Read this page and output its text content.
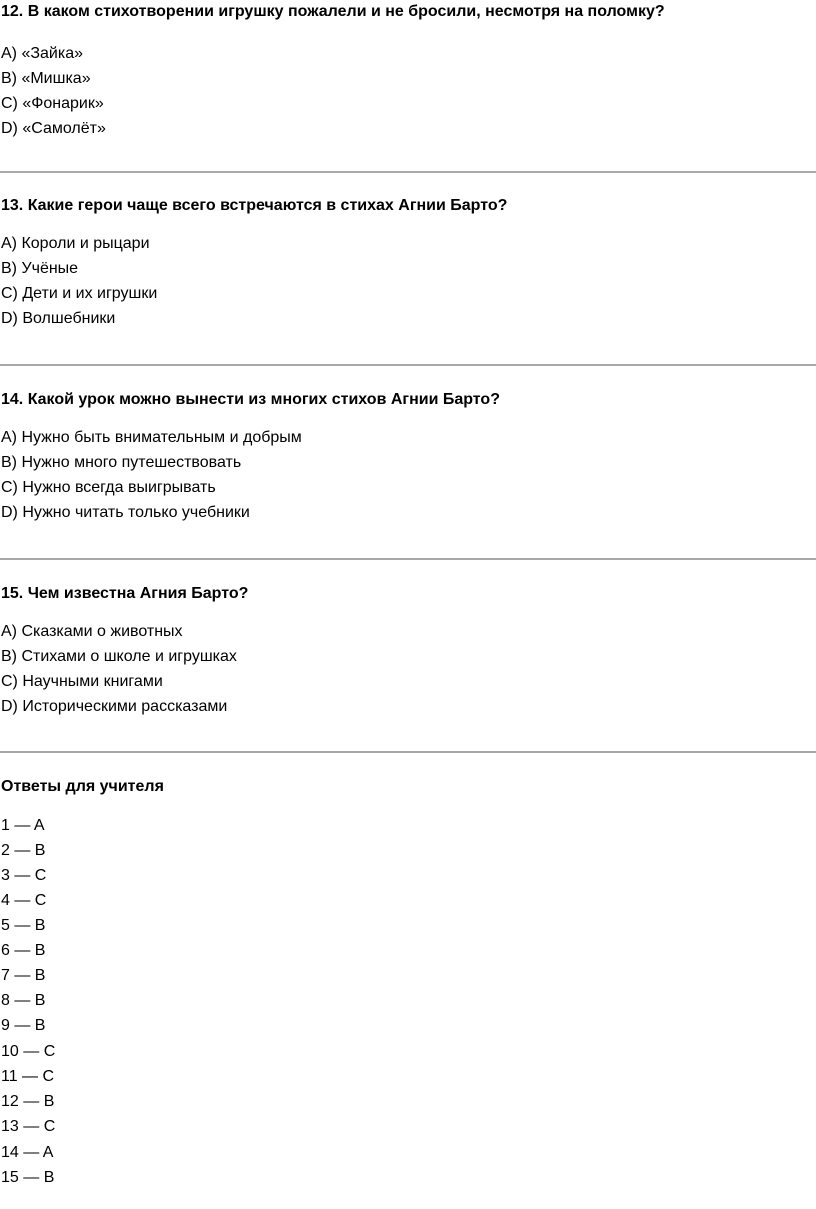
12. В каком стихотворении игрушку пожалели и не бросили, несмотря на поломку?
A) «Зайка»
B) «Мишка»
C) «Фонарик»
D) «Самолёт»
13. Какие герои чаще всего встречаются в стихах Агнии Барто?
A) Короли и рыцари
B) Учёные
C) Дети и их игрушки
D) Волшебники
14. Какой урок можно вынести из многих стихов Агнии Барто?
A) Нужно быть внимательным и добрым
B) Нужно много путешествовать
C) Нужно всегда выигрывать
D) Нужно читать только учебники
15. Чем известна Агния Барто?
A) Сказками о животных
B) Стихами о школе и игрушках
C) Научными книгами
D) Историческими рассказами
Ответы для учителя
1 — A
2 — B
3 — C
4 — C
5 — B
6 — B
7 — B
8 — B
9 — B
10 — C
11 — C
12 — B
13 — C
14 — A
15 — B
